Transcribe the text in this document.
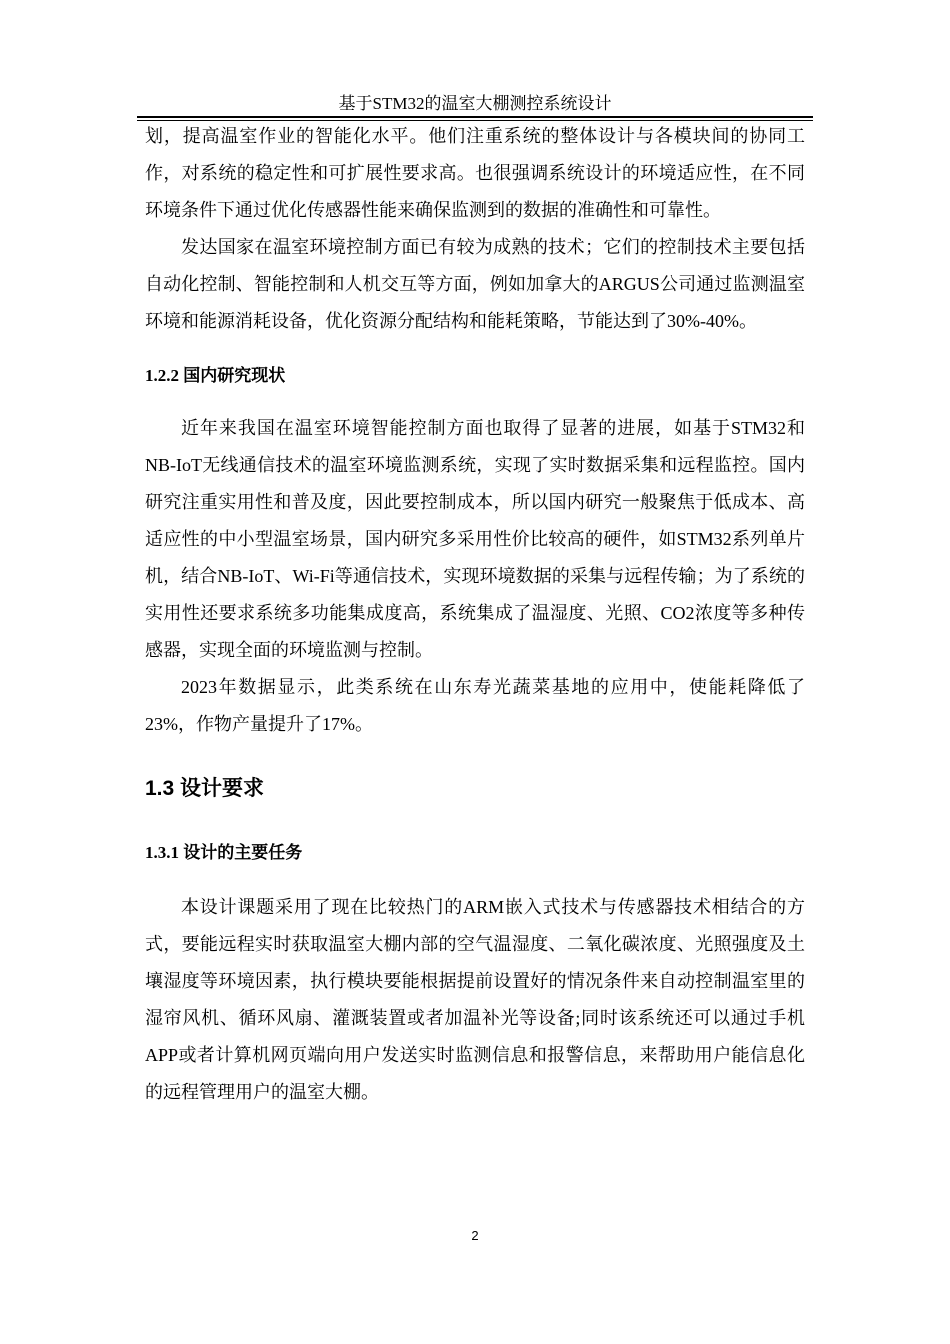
基于STM32的温室大棚测控系统设计

划，提高温室作业的智能化水平。他们注重系统的整体设计与各模块间的协同工作，对系统的稳定性和可扩展性要求高。也很强调系统设计的环境适应性，在不同环境条件下通过优化传感器性能来确保监测到的数据的准确性和可靠性。

发达国家在温室环境控制方面已有较为成熟的技术；它们的控制技术主要包括自动化控制、智能控制和人机交互等方面，例如加拿大的ARGUS公司通过监测温室环境和能源消耗设备，优化资源分配结构和能耗策略，节能达到了30%-40%。

1.2.2 国内研究现状

近年来我国在温室环境智能控制方面也取得了显著的进展，如基于STM32和NB-IoT无线通信技术的温室环境监测系统，实现了实时数据采集和远程监控。国内研究注重实用性和普及度，因此要控制成本，所以国内研究一般聚焦于低成本、高适应性的中小型温室场景，国内研究多采用性价比较高的硬件，如STM32系列单片机，结合NB-IoT、Wi-Fi等通信技术，实现环境数据的采集与远程传输；为了系统的实用性还要求系统多功能集成度高，系统集成了温湿度、光照、CO2浓度等多种传感器，实现全面的环境监测与控制。

2023年数据显示，此类系统在山东寿光蔬菜基地的应用中，使能耗降低了23%，作物产量提升了17%。

1.3 设计要求
1.3.1 设计的主要任务

本设计课题采用了现在比较热门的ARM嵌入式技术与传感器技术相结合的方式，要能远程实时获取温室大棚内部的空气温湿度、二氧化碳浓度、光照强度及土壤湿度等环境因素，执行模块要能根据提前设置好的情况条件来自动控制温室里的湿帘风机、循环风扇、灌溉装置或者加温补光等设备;同时该系统还可以通过手机APP或者计算机网页端向用户发送实时监测信息和报警信息，来帮助用户能信息化的远程管理用户的温室大棚。

2
